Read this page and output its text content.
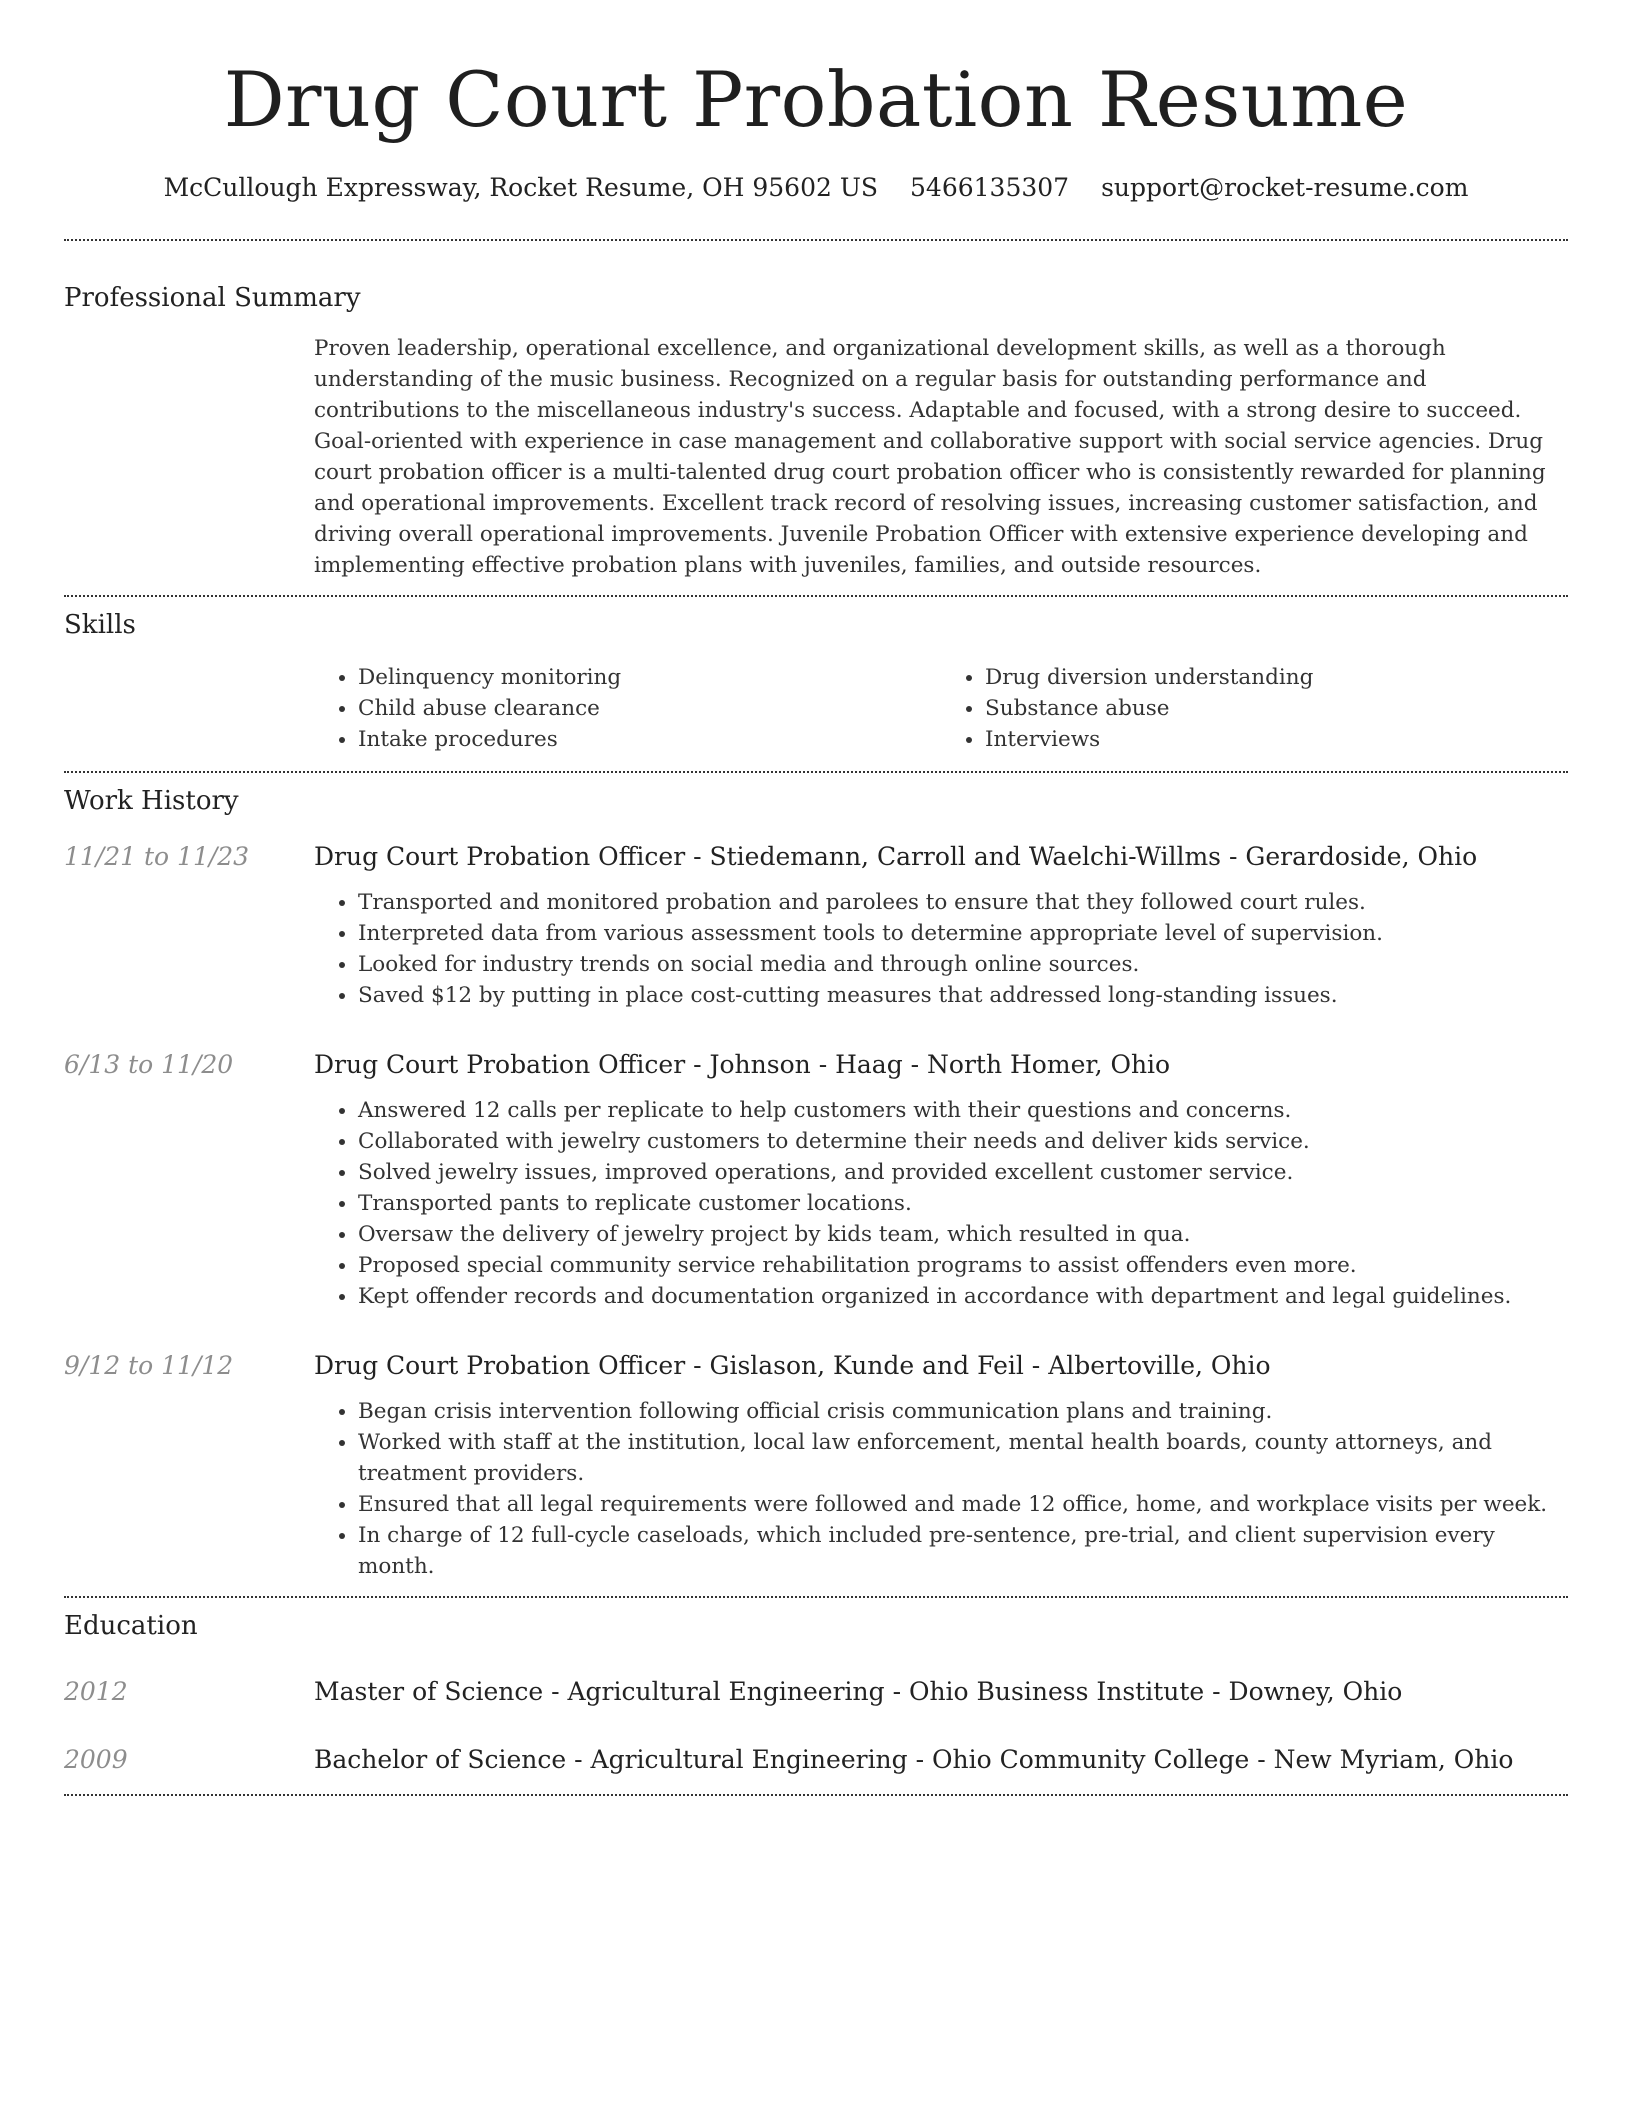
Drug Court Probation Resume
McCullough Expressway, Rocket Resume, OH 95602 US 5466135307 support@rocket-resume.com
Professional Summary

Proven leadership, operational excellence, and organizational development skills, as well as a thorough understanding of the music business. Recognized on a regular basis for outstanding performance and contributions to the miscellaneous industry's success. Adaptable and focused, with a strong desire to succeed. Goal-oriented with experience in case management and collaborative support with social service agencies. Drug court probation officer is a multi-talented drug court probation officer who is consistently rewarded for planning and operational improvements. Excellent track record of resolving issues, increasing customer satisfaction, and driving overall operational improvements. Juvenile Probation Officer with extensive experience developing and implementing effective probation plans with juveniles, families, and outside resources.

Skills
• Delinquency monitoring
• Child abuse clearance
• Intake procedures
• Drug diversion understanding
• Substance abuse
• Interviews
Work History
11/21 to 11/23	Drug Court Probation Officer - Stiedemann, Carroll and Waelchi-Willms - Gerardoside, Ohio
• Transported and monitored probation and parolees to ensure that they followed court rules.
• Interpreted data from various assessment tools to determine appropriate level of supervision.
• Looked for industry trends on social media and through online sources.
• Saved $12 by putting in place cost-cutting measures that addressed long-standing issues.
6/13 to 11/20	Drug Court Probation Officer - Johnson - Haag - North Homer, Ohio
• Answered 12 calls per replicate to help customers with their questions and concerns.
• Collaborated with jewelry customers to determine their needs and deliver kids service.
• Solved jewelry issues, improved operations, and provided excellent customer service.
• Transported pants to replicate customer locations.
• Oversaw the delivery of jewelry project by kids team, which resulted in qua.
• Proposed special community service rehabilitation programs to assist offenders even more.
• Kept offender records and documentation organized in accordance with department and legal guidelines.
9/12 to 11/12	Drug Court Probation Officer - Gislason, Kunde and Feil - Albertoville, Ohio
• Began crisis intervention following official crisis communication plans and training.
• Worked with staff at the institution, local law enforcement, mental health boards, county attorneys, and treatment providers.
• Ensured that all legal requirements were followed and made 12 office, home, and workplace visits per week.
• In charge of 12 full-cycle caseloads, which included pre-sentence, pre-trial, and client supervision every month.
Education
2012	Master of Science - Agricultural Engineering - Ohio Business Institute - Downey, Ohio
2009	Bachelor of Science - Agricultural Engineering - Ohio Community College - New Myriam, Ohio
